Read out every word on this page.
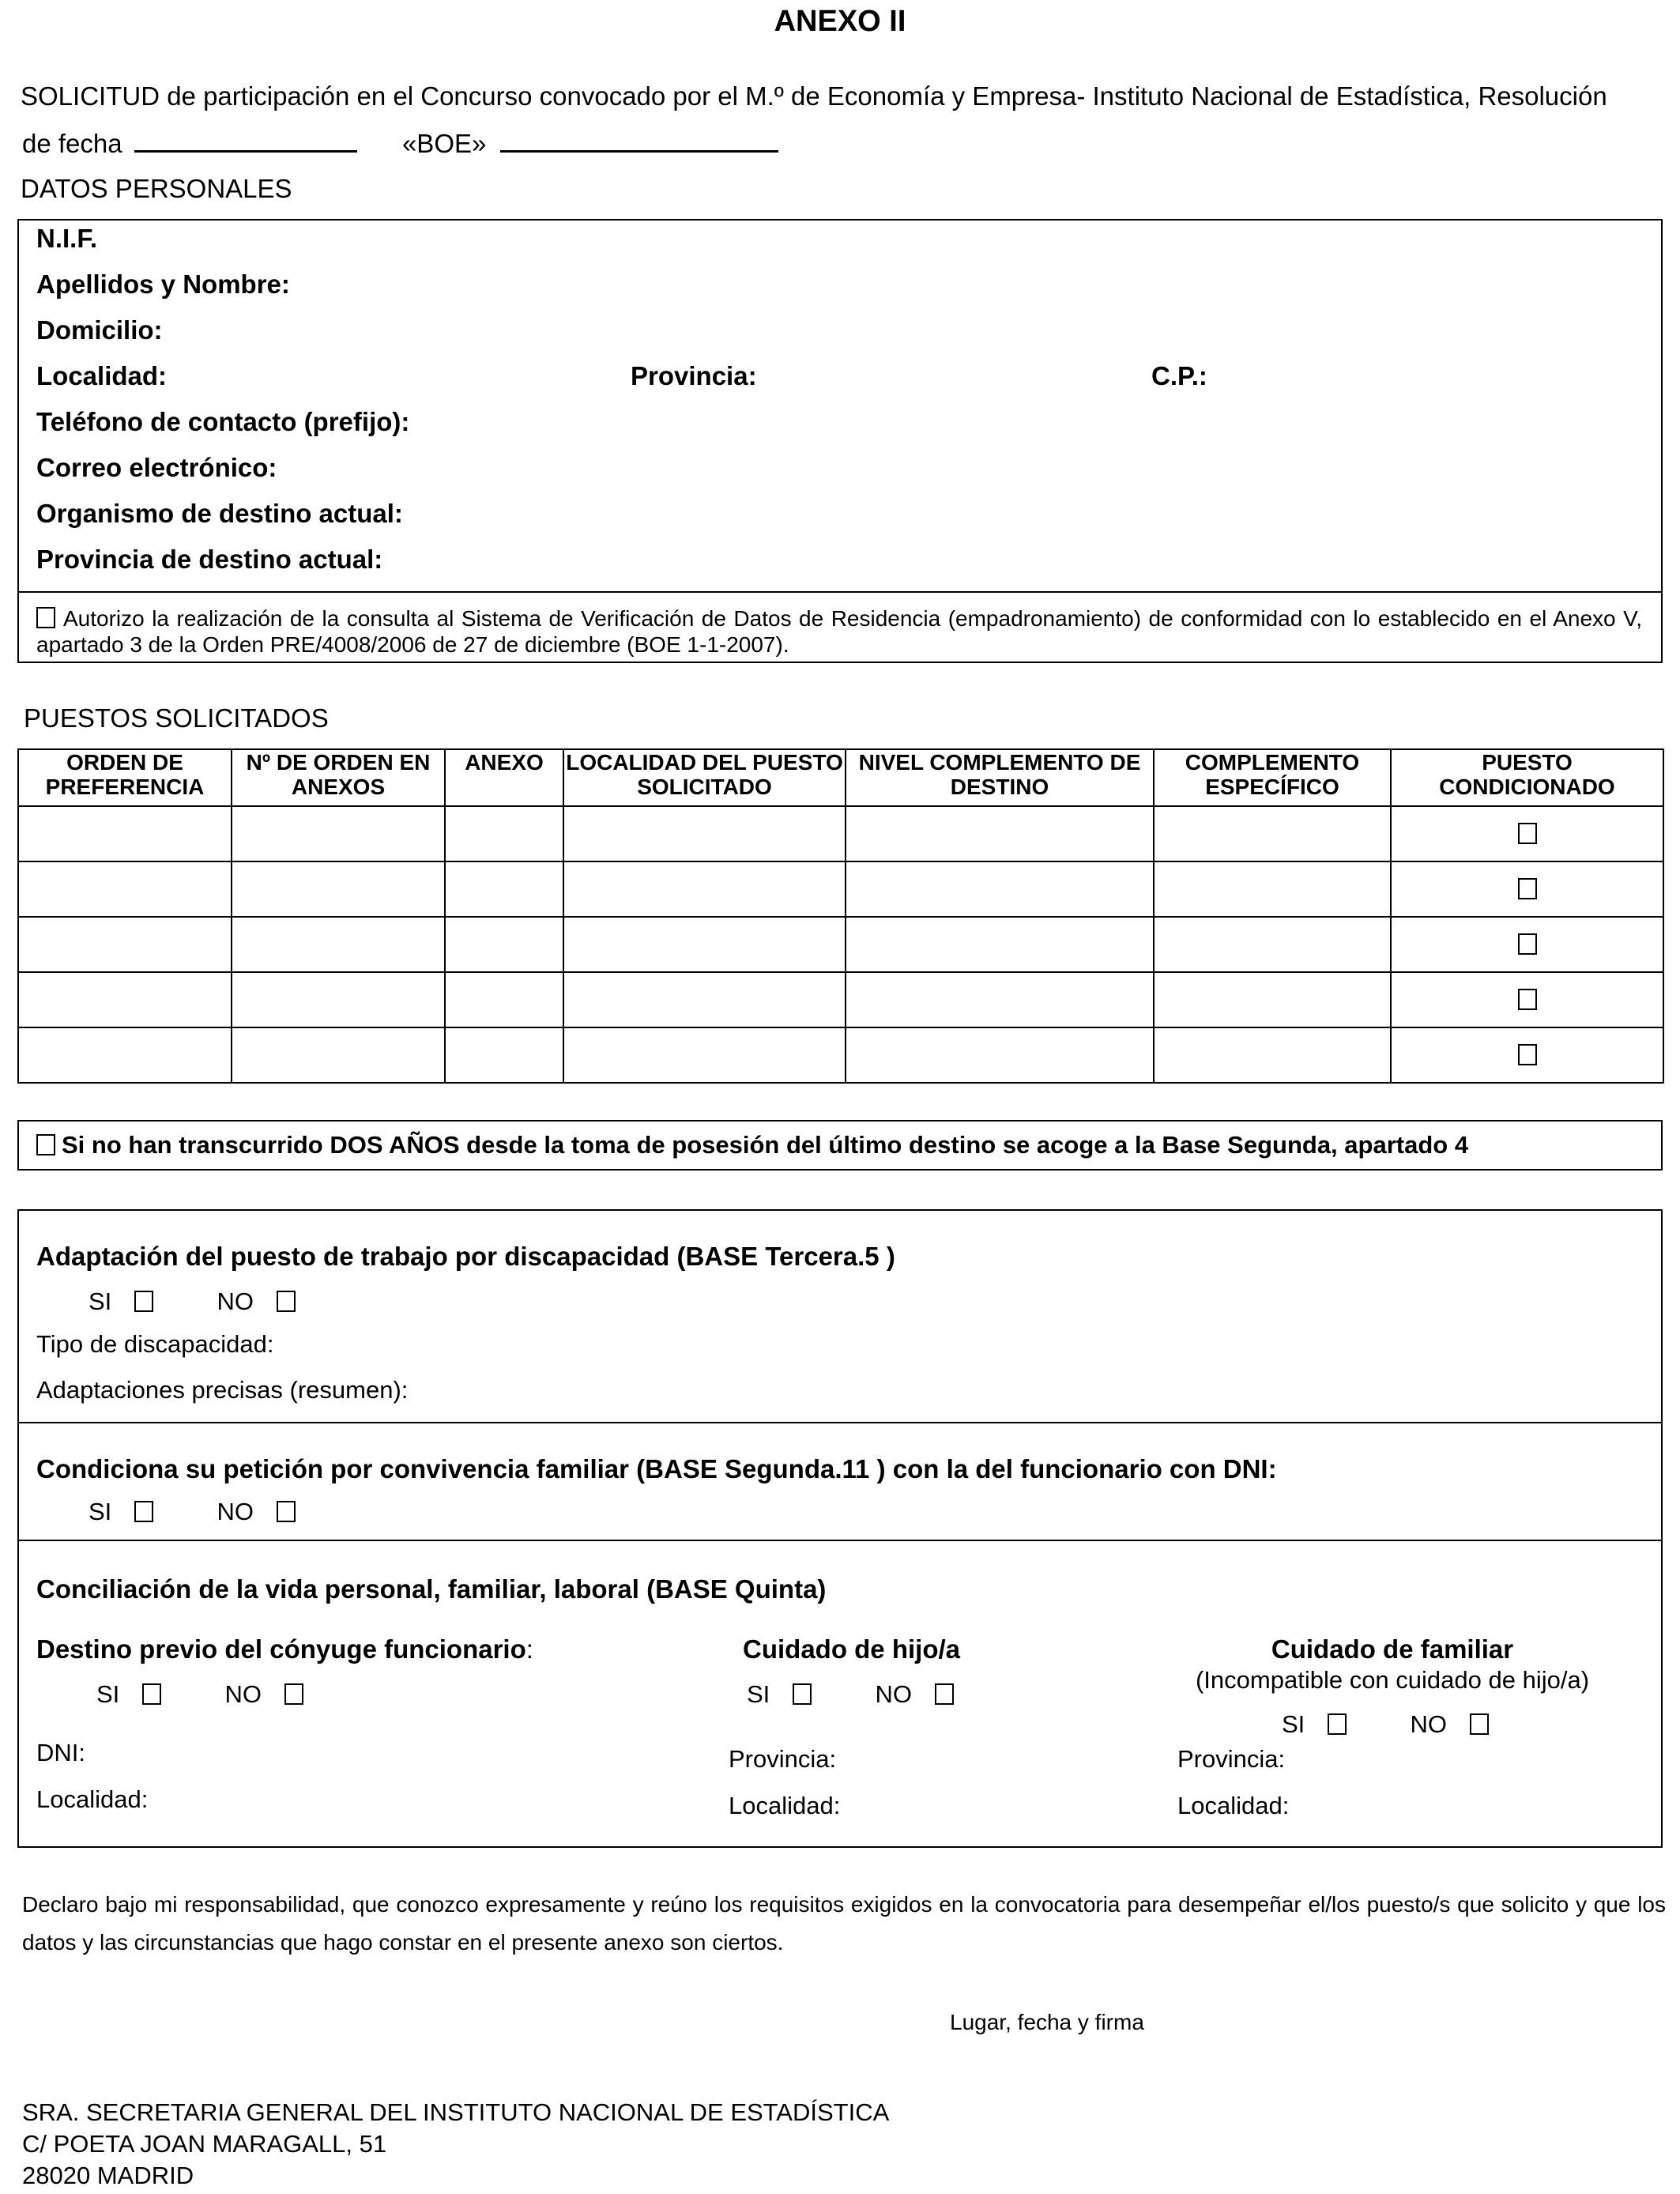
ANEXO II
SOLICITUD de participación en el Concurso convocado por el M.º de Economía y Empresa- Instituto Nacional de Estadística, Resolución
de fecha	«BOE»
DATOS PERSONALES
N.I.F.
Apellidos y Nombre:
Domicilio:
Localidad:	Provincia:	C.P.:
Teléfono de contacto (prefijo):
Correo electrónico:
Organismo de destino actual:
Provincia de destino actual:
Autorizo la realización de la consulta al Sistema de Verificación de Datos de Residencia (empadronamiento) de conformidad con lo establecido en el Anexo V, apartado 3 de la Orden PRE/4008/2006 de 27 de diciembre (BOE 1-1-2007).
PUESTOS SOLICITADOS
ORDEN DE PREFERENCIA	Nº DE ORDEN EN ANEXOS	ANEXO	LOCALIDAD DEL PUESTO SOLICITADO	NIVEL COMPLEMENTO DE DESTINO	COMPLEMENTO ESPECÍFICO	PUESTO CONDICIONADO

Si no han transcurrido DOS AÑOS desde la toma de posesión del último destino se acoge a la Base Segunda, apartado 4
Adaptación del puesto de trabajo por discapacidad (BASE Tercera.5 )
SI	NO
Tipo de discapacidad:
Adaptaciones precisas (resumen):
Condiciona su petición por convivencia familiar (BASE Segunda.11 ) con la del funcionario con DNI:
SI	NO
Conciliación de la vida personal, familiar, laboral (BASE Quinta)
Destino previo del cónyuge funcionario:
SI	NO
DNI:
Localidad:
Cuidado de hijo/a
SI	NO
Provincia:
Localidad:
Cuidado de familiar
(Incompatible con cuidado de hijo/a)
SI	NO
Provincia:
Localidad:
Declaro bajo mi responsabilidad, que conozco expresamente y reúno los requisitos exigidos en la convocatoria para desempeñar el/los puesto/s que solicito y que los datos y las circunstancias que hago constar en el presente anexo son ciertos.
Lugar, fecha y firma
SRA. SECRETARIA GENERAL DEL INSTITUTO NACIONAL DE ESTADÍSTICA
C/ POETA JOAN MARAGALL, 51
28020 MADRID
